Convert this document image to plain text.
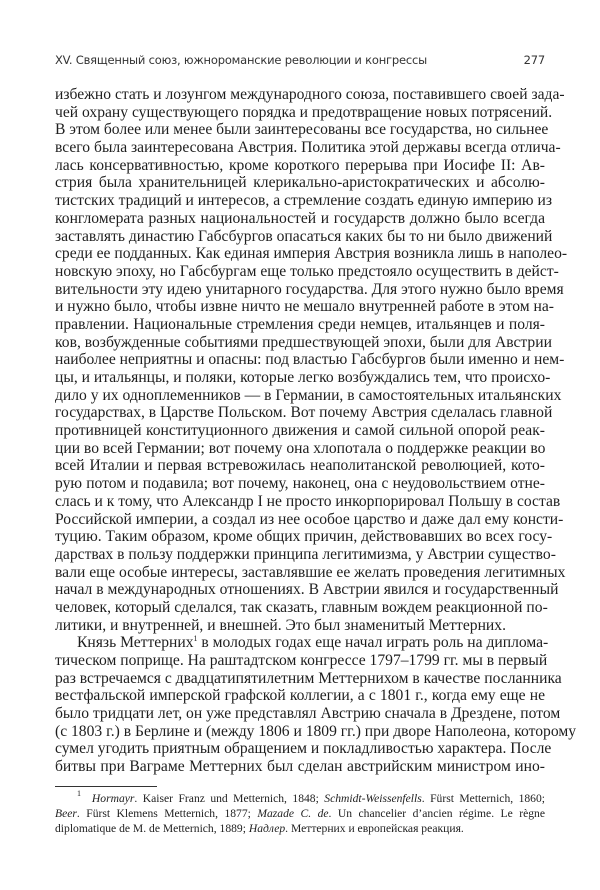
XV. Священный союз, южнороманские революции и конгрессы	277
избежно стать и лозунгом международного союза, поставившего своей зада-
чей охрану существующего порядка и предотвращение новых потрясений.
В этом более или менее были заинтересованы все государства, но сильнее
всего была заинтересована Австрия. Политика этой державы всегда отлича-
лась консервативностью, кроме короткого перерыва при Иосифе II: Ав-
стрия была хранительницей клерикально-аристократических и абсолю-
тистских традиций и интересов, а стремление создать единую империю из
конгломерата разных национальностей и государств должно было всегда
заставлять династию Габсбургов опасаться каких бы то ни было движений
среди ее подданных. Как единая империя Австрия возникла лишь в наполео-
новскую эпоху, но Габсбургам еще только предстояло осуществить в дейст-
вительности эту идею унитарного государства. Для этого нужно было время
и нужно было, чтобы извне ничто не мешало внутренней работе в этом на-
правлении. Национальные стремления среди немцев, итальянцев и поля-
ков, возбужденные событиями предшествующей эпохи, были для Австрии
наиболее неприятны и опасны: под властью Габсбургов были именно и нем-
цы, и итальянцы, и поляки, которые легко возбуждались тем, что происхо-
дило у их одноплеменников — в Германии, в самостоятельных итальянских
государствах, в Царстве Польском. Вот почему Австрия сделалась главной
противницей конституционного движения и самой сильной опорой реак-
ции во всей Германии; вот почему она хлопотала о поддержке реакции во
всей Италии и первая встревожилась неаполитанской революцией, кото-
рую потом и подавила; вот почему, наконец, она с неудовольствием отне-
слась и к тому, что Александр I не просто инкорпорировал Польшу в состав
Российской империи, а создал из нее особое царство и даже дал ему консти-
туцию. Таким образом, кроме общих причин, действовавших во всех госу-
дарствах в пользу поддержки принципа легитимизма, у Австрии существо-
вали еще особые интересы, заставлявшие ее желать проведения легитимных
начал в международных отношениях. В Австрии явился и государственный
человек, который сделался, так сказать, главным вождем реакционной по-
литики, и внутренней, и внешней. Это был знаменитый Меттерних.
Князь Меттерних$^1$ в молодых годах еще начал играть роль на диплома-
тическом поприще. На раштадтском конгрессе 1797–1799 гг. мы в первый
раз встречаемся с двадцатипятилетним Меттернихом в качестве посланника
вестфальской имперской графской коллегии, а с 1801 г., когда ему еще не
было тридцати лет, он уже представлял Австрию сначала в Дрездене, потом
(с 1803 г.) в Берлине и (между 1806 и 1809 гг.) при дворе Наполеона, которому
сумел угодить приятным обращением и покладливостью характера. После
битвы при Ваграме Меттерних был сделан австрийским министром ино-
$^1$ Hormayr. Kaiser Franz und Metternich, 1848; Schmidt-Weissenfells. Fürst Metternich, 1860;
Beer. Fürst Klemens Metternich, 1877; Mazade C. de. Un chancelier d’ancien régime. Le règne
diplomatique de M. de Metternich, 1889; Надлер. Меттерних и европейская реакция.
